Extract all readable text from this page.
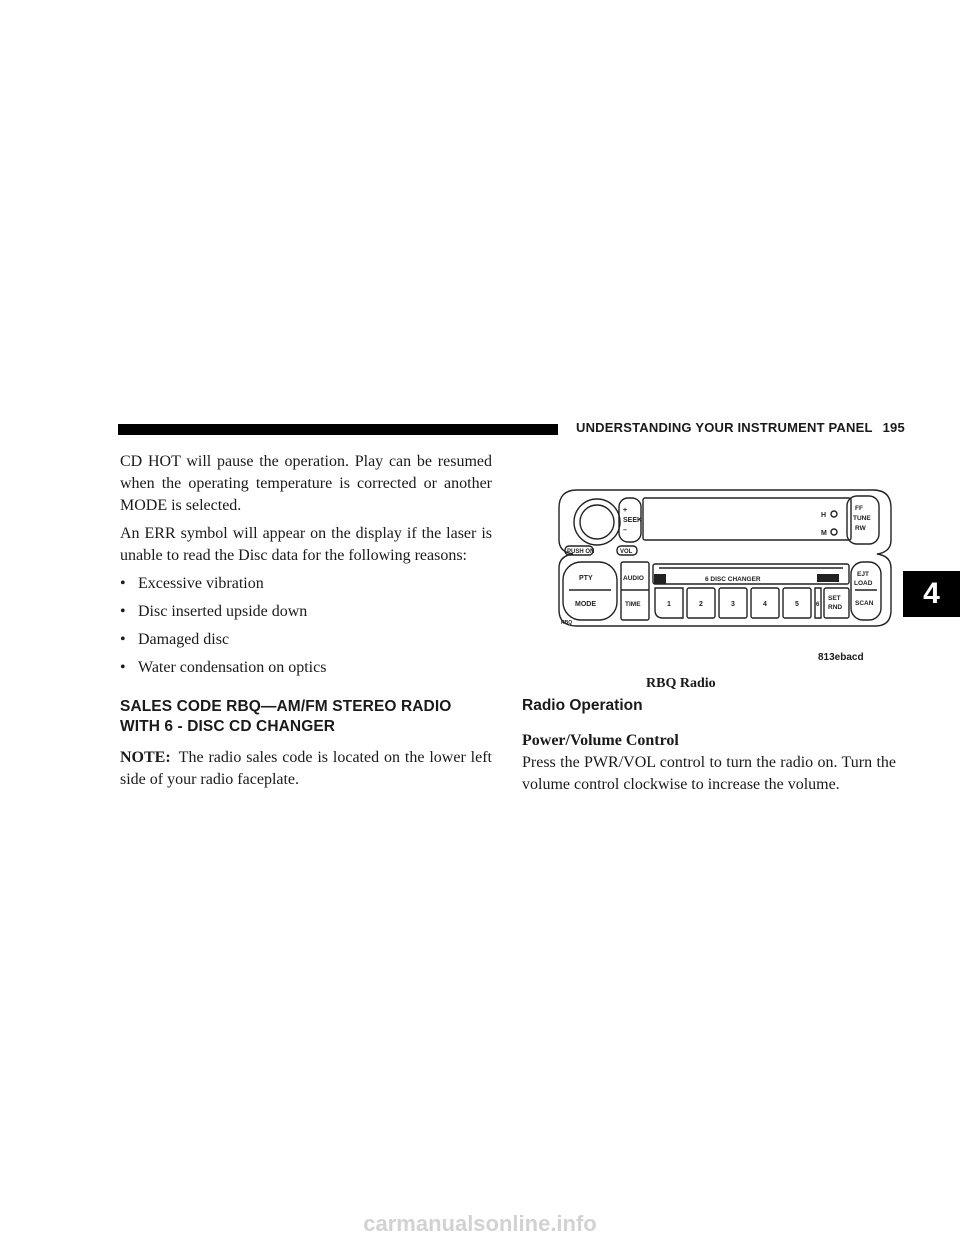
UNDERSTANDING YOUR INSTRUMENT PANEL 195
4

CD HOT will pause the operation. Play can be resumed when the operating temperature is corrected or another MODE is selected.

An ERR symbol will appear on the display if the laser is unable to read the Disc data for the following reasons:

• Excessive vibration
• Disc inserted upside down
• Damaged disc
• Water condensation on optics
SALES CODE RBQ—AM/FM STEREO RADIO WITH 6 - DISC CD CHANGER

NOTE: The radio sales code is located on the lower left side of your radio faceplate.

+
SEEK
–
PUSH ON	VOL
H
M
FF
TUNE
RW
PTY
MODE
AUDIO
TIME
6 DISC CHANGER
EJT
LOAD
SET
RND
SCAN
RBQ
1	2	3	4	5	6
813ebacd
RBQ Radio
Radio Operation
Power/Volume Control

Press the PWR/VOL control to turn the radio on. Turn the volume control clockwise to increase the volume.

carmanualsonline.info
